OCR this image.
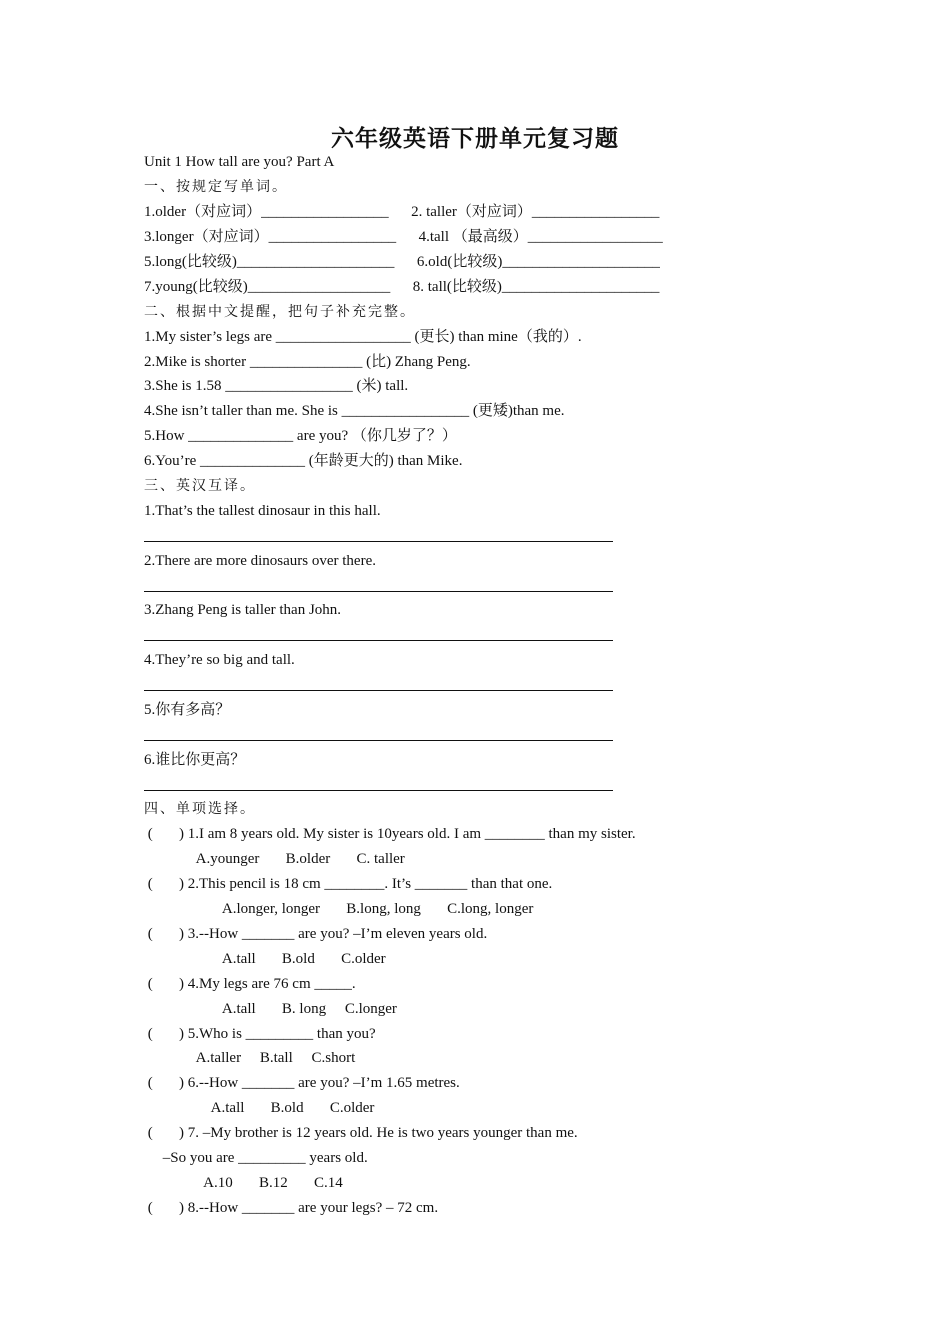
六年级英语下册单元复习题
Unit 1 How tall are you? Part A
一、按规定写单词。
1.older（对应词）_________________      2. taller（对应词）_________________
3.longer（对应词）_________________      4.tall （最高级）__________________
5.long(比较级)_____________________      6.old(比较级)_____________________
7.young(比较级)___________________      8. tall(比较级)_____________________
二、根据中文提醒，把句子补充完整。
1.My sister’s legs are __________________ (更长) than mine（我的）.
2.Mike is shorter _______________ (比) Zhang Peng.
3.She is 1.58 _________________ (米) tall.
4.She isn’t taller than me. She is _________________ (更矮)than me.
5.How ______________ are you? （你几岁了？）
6.You’re ______________ (年龄更大的) than Mike.
三、英汉互译。
1.That’s the tallest dinosaur in this hall.
2.There are more dinosaurs over there.
3.Zhang Peng is taller than John.
4.They’re so big and tall.
5.你有多高？
6.谁比你更高？
四、单项选择。
(       ) 1.I am 8 years old. My sister is 10years old. I am ________ than my sister.
A.younger       B.older       C. taller
(       ) 2.This pencil is 18 cm ________. It’s _______ than that one.
A.longer, longer       B.long, long       C.long, longer
(       ) 3.--How _______ are you? –I’m eleven years old.
A.tall       B.old       C.older
(       ) 4.My legs are 76 cm _____.
A.tall       B. long     C.longer
(       ) 5.Who is _________ than you?
A.taller     B.tall     C.short
(       ) 6.--How _______ are you? –I’m 1.65 metres.
A.tall       B.old       C.older
(       ) 7. –My brother is 12 years old. He is two years younger than me.
–So you are _________ years old.
A.10       B.12       C.14
(       ) 8.--How _______ are your legs? – 72 cm.
